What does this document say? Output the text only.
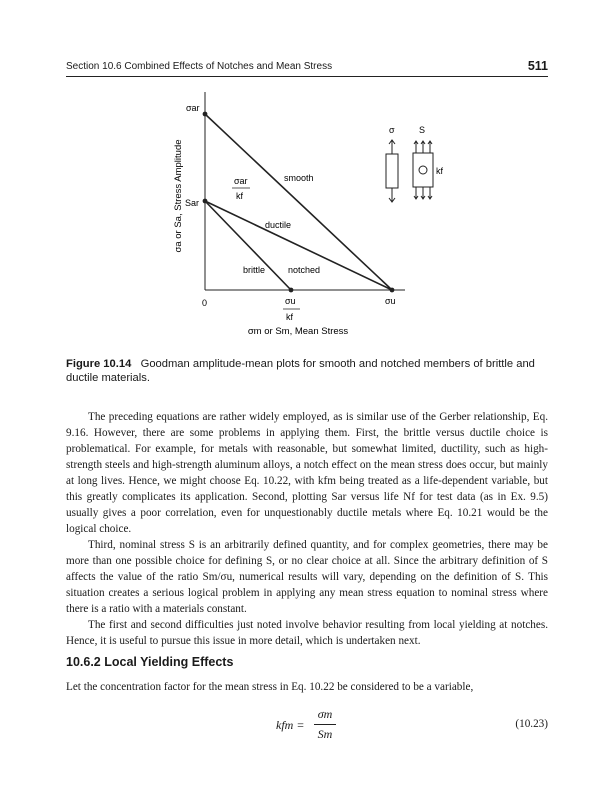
Section 10.6 Combined Effects of Notches and Mean Stress	511
σa or Sa, Stress Amplitude
σar
Sar
σar
kf
0	σu
kf
σu
smooth
ductile
brittle	notched
σm or Sm, Mean Stress
σ	S
kf
Figure 10.14 Goodman amplitude-mean plots for smooth and notched members of brittle and ductile materials.

The preceding equations are rather widely employed, as is similar use of the Gerber relationship, Eq. 9.16. However, there are some problems in applying them. First, the brittle versus ductile choice is problematical. For example, for metals with reasonable, but somewhat limited, ductility, such as high-strength steels and high-strength aluminum alloys, a notch effect on the mean stress does occur, but mainly at long lives. Hence, we might choose Eq. 10.22, with kfm being treated as a life-dependent variable, but this greatly complicates its application. Second, plotting Sar versus life Nf for test data (as in Ex. 9.5) usually gives a poor correlation, even for unquestionably ductile metals where Eq. 10.21 would be the logical choice.

Third, nominal stress S is an arbitrarily defined quantity, and for complex geometries, there may be more than one possible choice for defining S, or no clear choice at all. Since the arbitrary definition of S affects the value of the ratio Sm/σu, numerical results will vary, depending on the definition of S. This situation creates a serious logical problem in applying any mean stress equation to nominal stress where there is a ratio with a materials constant.

The first and second difficulties just noted involve behavior resulting from local yielding at notches. Hence, it is useful to pursue this issue in more detail, which is undertaken next.

10.6.2 Local Yielding Effects
Let the concentration factor for the mean stress in Eq. 10.22 be considered to be a variable,
kfm =
σm
Sm
(10.23)
